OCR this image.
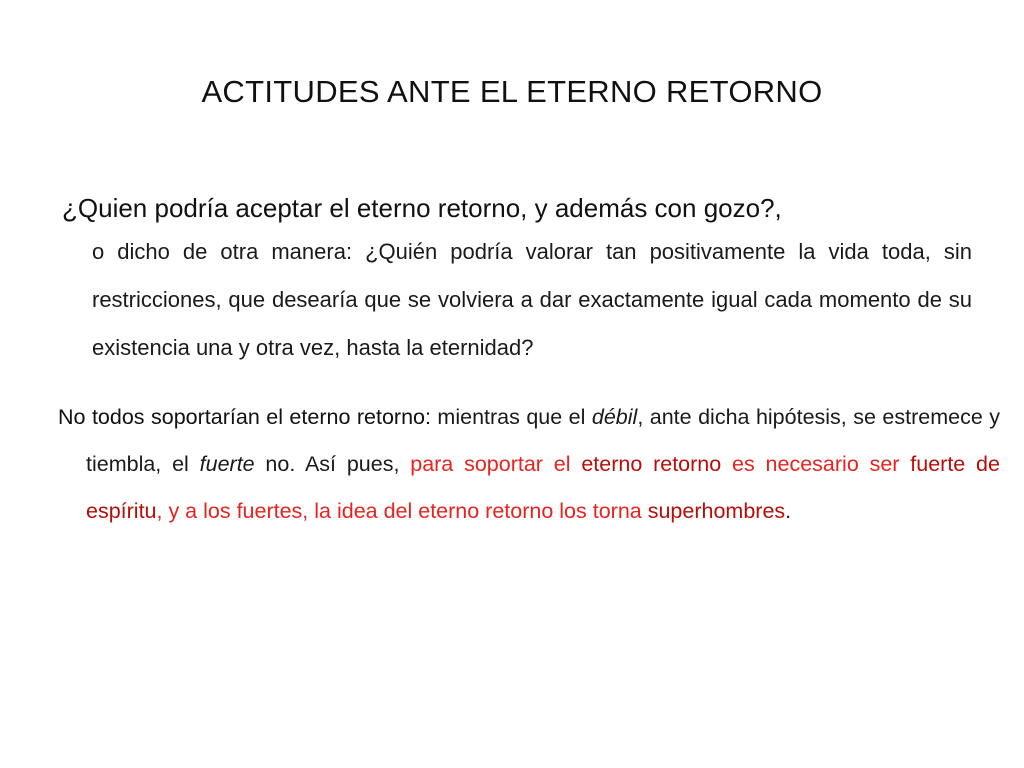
ACTITUDES ANTE EL ETERNO RETORNO
¿Quien podría aceptar el eterno retorno, y además con gozo?,
o dicho de otra manera: ¿Quién podría valorar tan positivamente la vida toda, sin restricciones, que desearía que se volviera a dar exactamente igual cada momento de su existencia una y otra vez, hasta la eternidad?

No todos soportarían el eterno retorno: mientras que el débil, ante dicha hipótesis, se estremece y tiembla, el fuerte no. Así pues, para soportar el eterno retorno es necesario ser fuerte de espíritu, y a los fuertes, la idea del eterno retorno los torna superhombres.
